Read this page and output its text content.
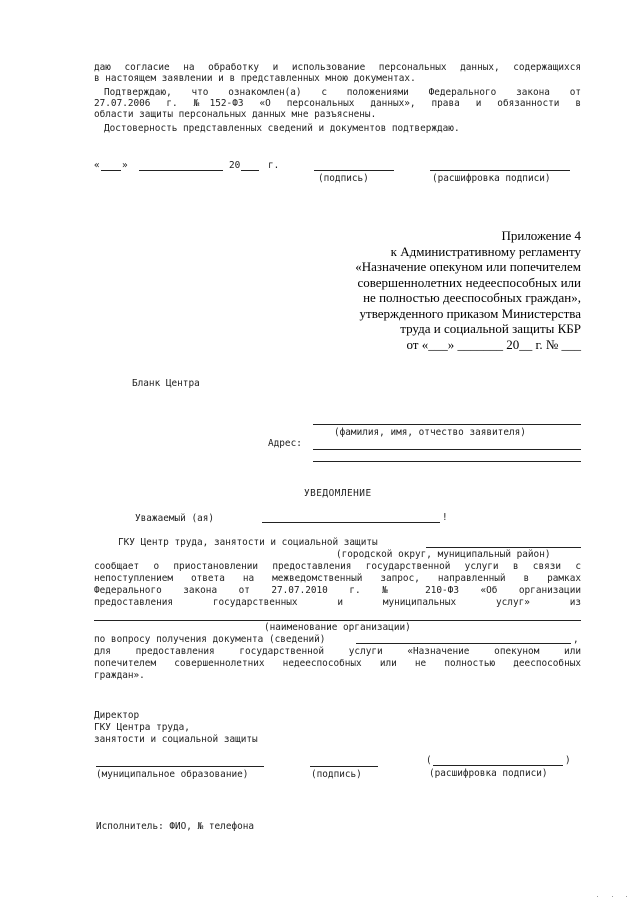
даю согласие на обработку и использование персональных данных, содержащихся
в настоящем заявлении и в представленных мною документах.
Подтверждаю, что ознакомлен(а) с положениями Федерального закона от
27.07.2006 г. №152-ФЗ «О персональных данных», права и обязанности в
области защиты персональных данных мне разъяснены.
Достоверность представленных сведений и документов подтверждаю.
« »	20	г.
(подпись)	(расшифровка подписи)
Приложение 4
к Административному регламенту
«Назначение опекуном или попечителем
совершеннолетних недееспособных или
не полностью дееспособных граждан»,
утвержденного приказом Министерства
труда и социальной защиты КБР
от «___» _______ 20__ г. № ___
Бланк Центра
(фамилия, имя, отчество заявителя)
Адрес:
УВЕДОМЛЕНИЕ
Уважаемый (ая)	!
ГКУ Центр труда, занятости и социальной защиты
(городской округ, муниципальный район)
сообщает о приостановлении предоставления государственной услуги в связи с
непоступлением ответа на межведомственный запрос, направленный в рамках
Федерального закона от 27.07.2010 г. № 210-ФЗ «Об организации
предоставления государственных и муниципальных услуг» из
(наименование организации)
по вопросу получения документа (сведений)	,
для предоставления государственной услуги «Назначение опекуном или
попечителем совершеннолетних недееспособных или не полностью дееспособных
граждан».
Директор
ГКУ Центра труда,
занятости и социальной защиты
(	)
(муниципальное образование)	(подпись)	(расшифровка подписи)
Исполнитель: ФИО, № телефона
